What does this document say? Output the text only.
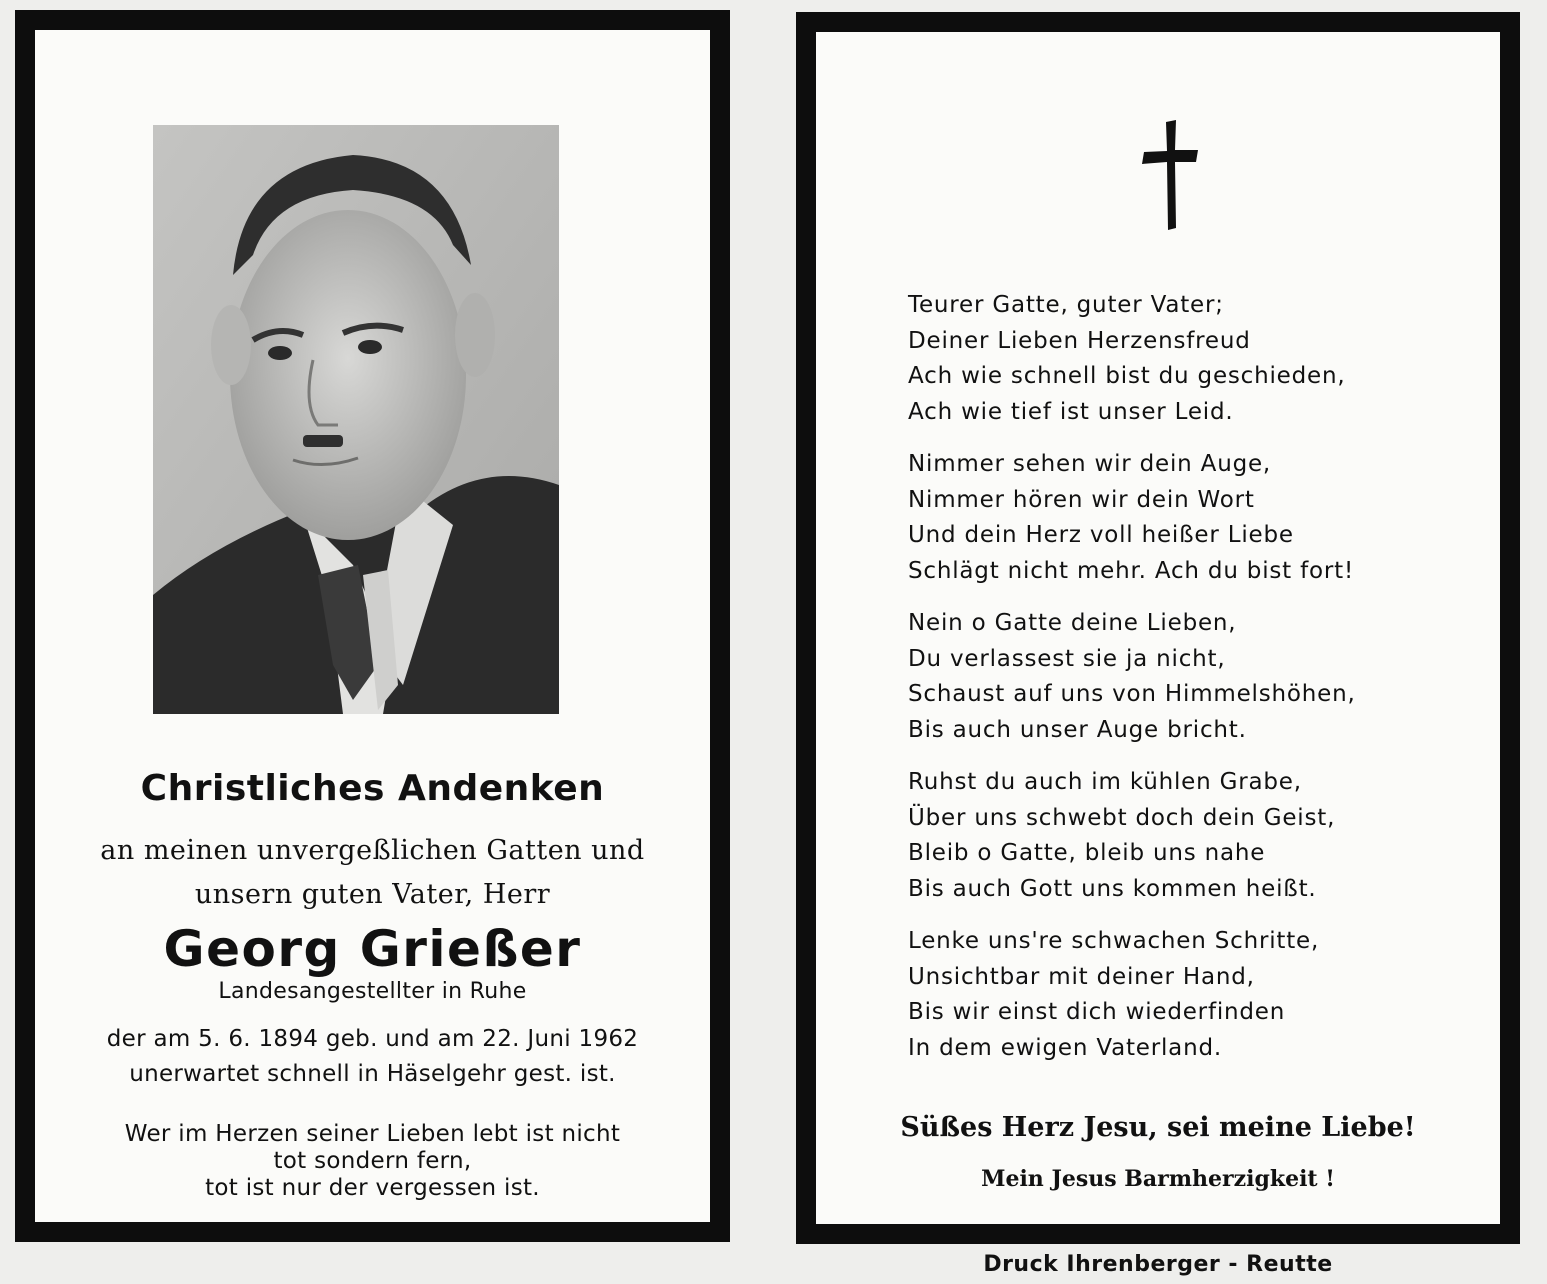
Christliches Andenken
an meinen unvergeßlichen Gatten und
unsern guten Vater, Herr
Georg Grießer
Landesangestellter in Ruhe
der am 5. 6. 1894 geb. und am 22. Juni 1962
unerwartet schnell in Häselgehr gest. ist.
Wer im Herzen seiner Lieben lebt ist nicht
tot sondern fern,
tot ist nur der vergessen ist.
Teurer Gatte, guter Vater;
Deiner Lieben Herzensfreud
Ach wie schnell bist du geschieden,
Ach wie tief ist unser Leid.
Nimmer sehen wir dein Auge,
Nimmer hören wir dein Wort
Und dein Herz voll heißer Liebe
Schlägt nicht mehr. Ach du bist fort!
Nein o Gatte deine Lieben,
Du verlassest sie ja nicht,
Schaust auf uns von Himmelshöhen,
Bis auch unser Auge bricht.
Ruhst du auch im kühlen Grabe,
Über uns schwebt doch dein Geist,
Bleib o Gatte, bleib uns nahe
Bis auch Gott uns kommen heißt.
Lenke uns're schwachen Schritte,
Unsichtbar mit deiner Hand,
Bis wir einst dich wiederfinden
In dem ewigen Vaterland.
Süßes Herz Jesu, sei meine Liebe!
Mein Jesus Barmherzigkeit !
Druck Ihrenberger - Reutte
